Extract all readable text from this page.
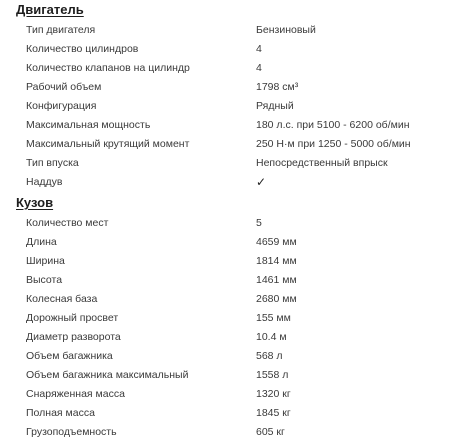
Двигатель
Тип двигателя	Бензиновый
Количество цилиндров	4
Количество клапанов на цилиндр	4
Рабочий объем	1798 см³
Конфигурация	Рядный
Максимальная мощность	180 л.с. при 5100 - 6200 об/мин
Максимальный крутящий момент	250 Н·м при 1250 - 5000 об/мин
Тип впуска	Непосредственный впрыск
Наддув	✓
Кузов
Количество мест	5
Длина	4659 мм
Ширина	1814 мм
Высота	1461 мм
Колесная база	2680 мм
Дорожный просвет	155 мм
Диаметр разворота	10.4 м
Объем багажника	568 л
Объем багажника максимальный	1558 л
Снаряженная масса	1320 кг
Полная масса	1845 кг
Грузоподъемность	605 кг
